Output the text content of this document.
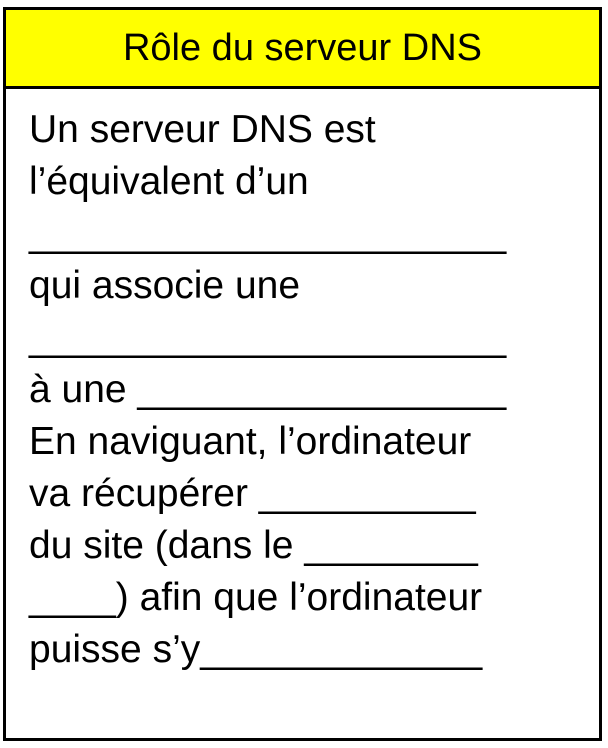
Rôle du serveur DNS
Un serveur DNS est
l’équivalent d’un
______________________
qui associe une
______________________
à une _________________
En naviguant, l’ordinateur
va récupérer __________
du site (dans le ________
____) afin que l’ordinateur
puisse s’y_____________
